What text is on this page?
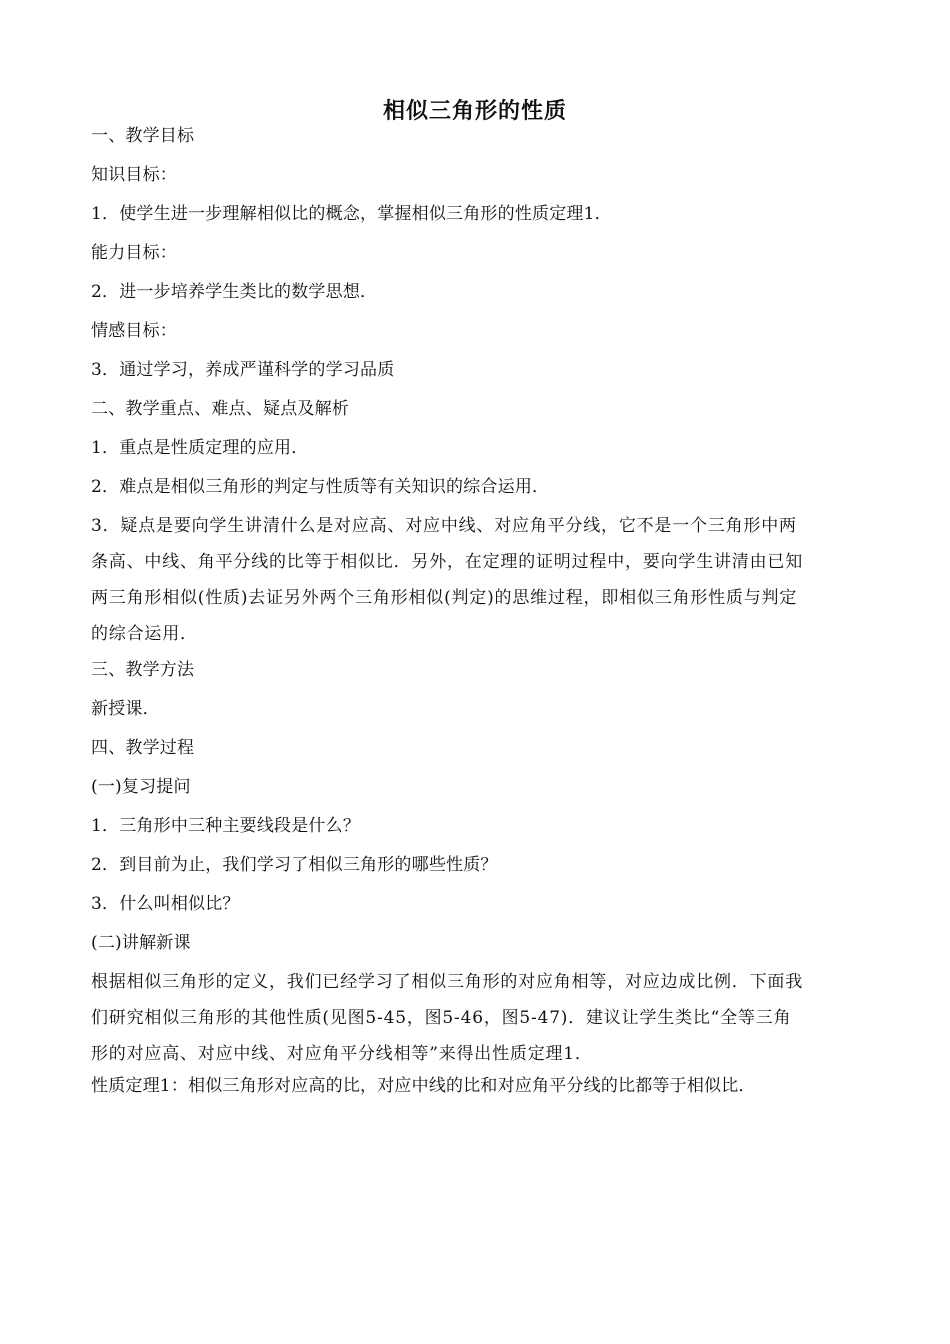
相似三角形的性质
一、教学目标
知识目标：
1．使学生进一步理解相似比的概念，掌握相似三角形的性质定理1．
能力目标：
2．进一步培养学生类比的数学思想．
情感目标：
3．通过学习，养成严谨科学的学习品质
二、教学重点、难点、疑点及解析
1．重点是性质定理的应用．
2．难点是相似三角形的判定与性质等有关知识的综合运用．
3．疑点是要向学生讲清什么是对应高、对应中线、对应角平分线，它不是一个三角形中两
条高、中线、角平分线的比等于相似比．另外，在定理的证明过程中，要向学生讲清由已知
两三角形相似(性质)去证另外两个三角形相似(判定)的思维过程，即相似三角形性质与判定
的综合运用．
三、教学方法
新授课．
四、教学过程
(一)复习提问
1．三角形中三种主要线段是什么？
2．到目前为止，我们学习了相似三角形的哪些性质？
3．什么叫相似比？
(二)讲解新课
根据相似三角形的定义，我们已经学习了相似三角形的对应角相等，对应边成比例．下面我
们研究相似三角形的其他性质(见图5-45，图5-46，图5-47)．建议让学生类比“全等三角
形的对应高、对应中线、对应角平分线相等”来得出性质定理1．
性质定理1：相似三角形对应高的比，对应中线的比和对应角平分线的比都等于相似比．
